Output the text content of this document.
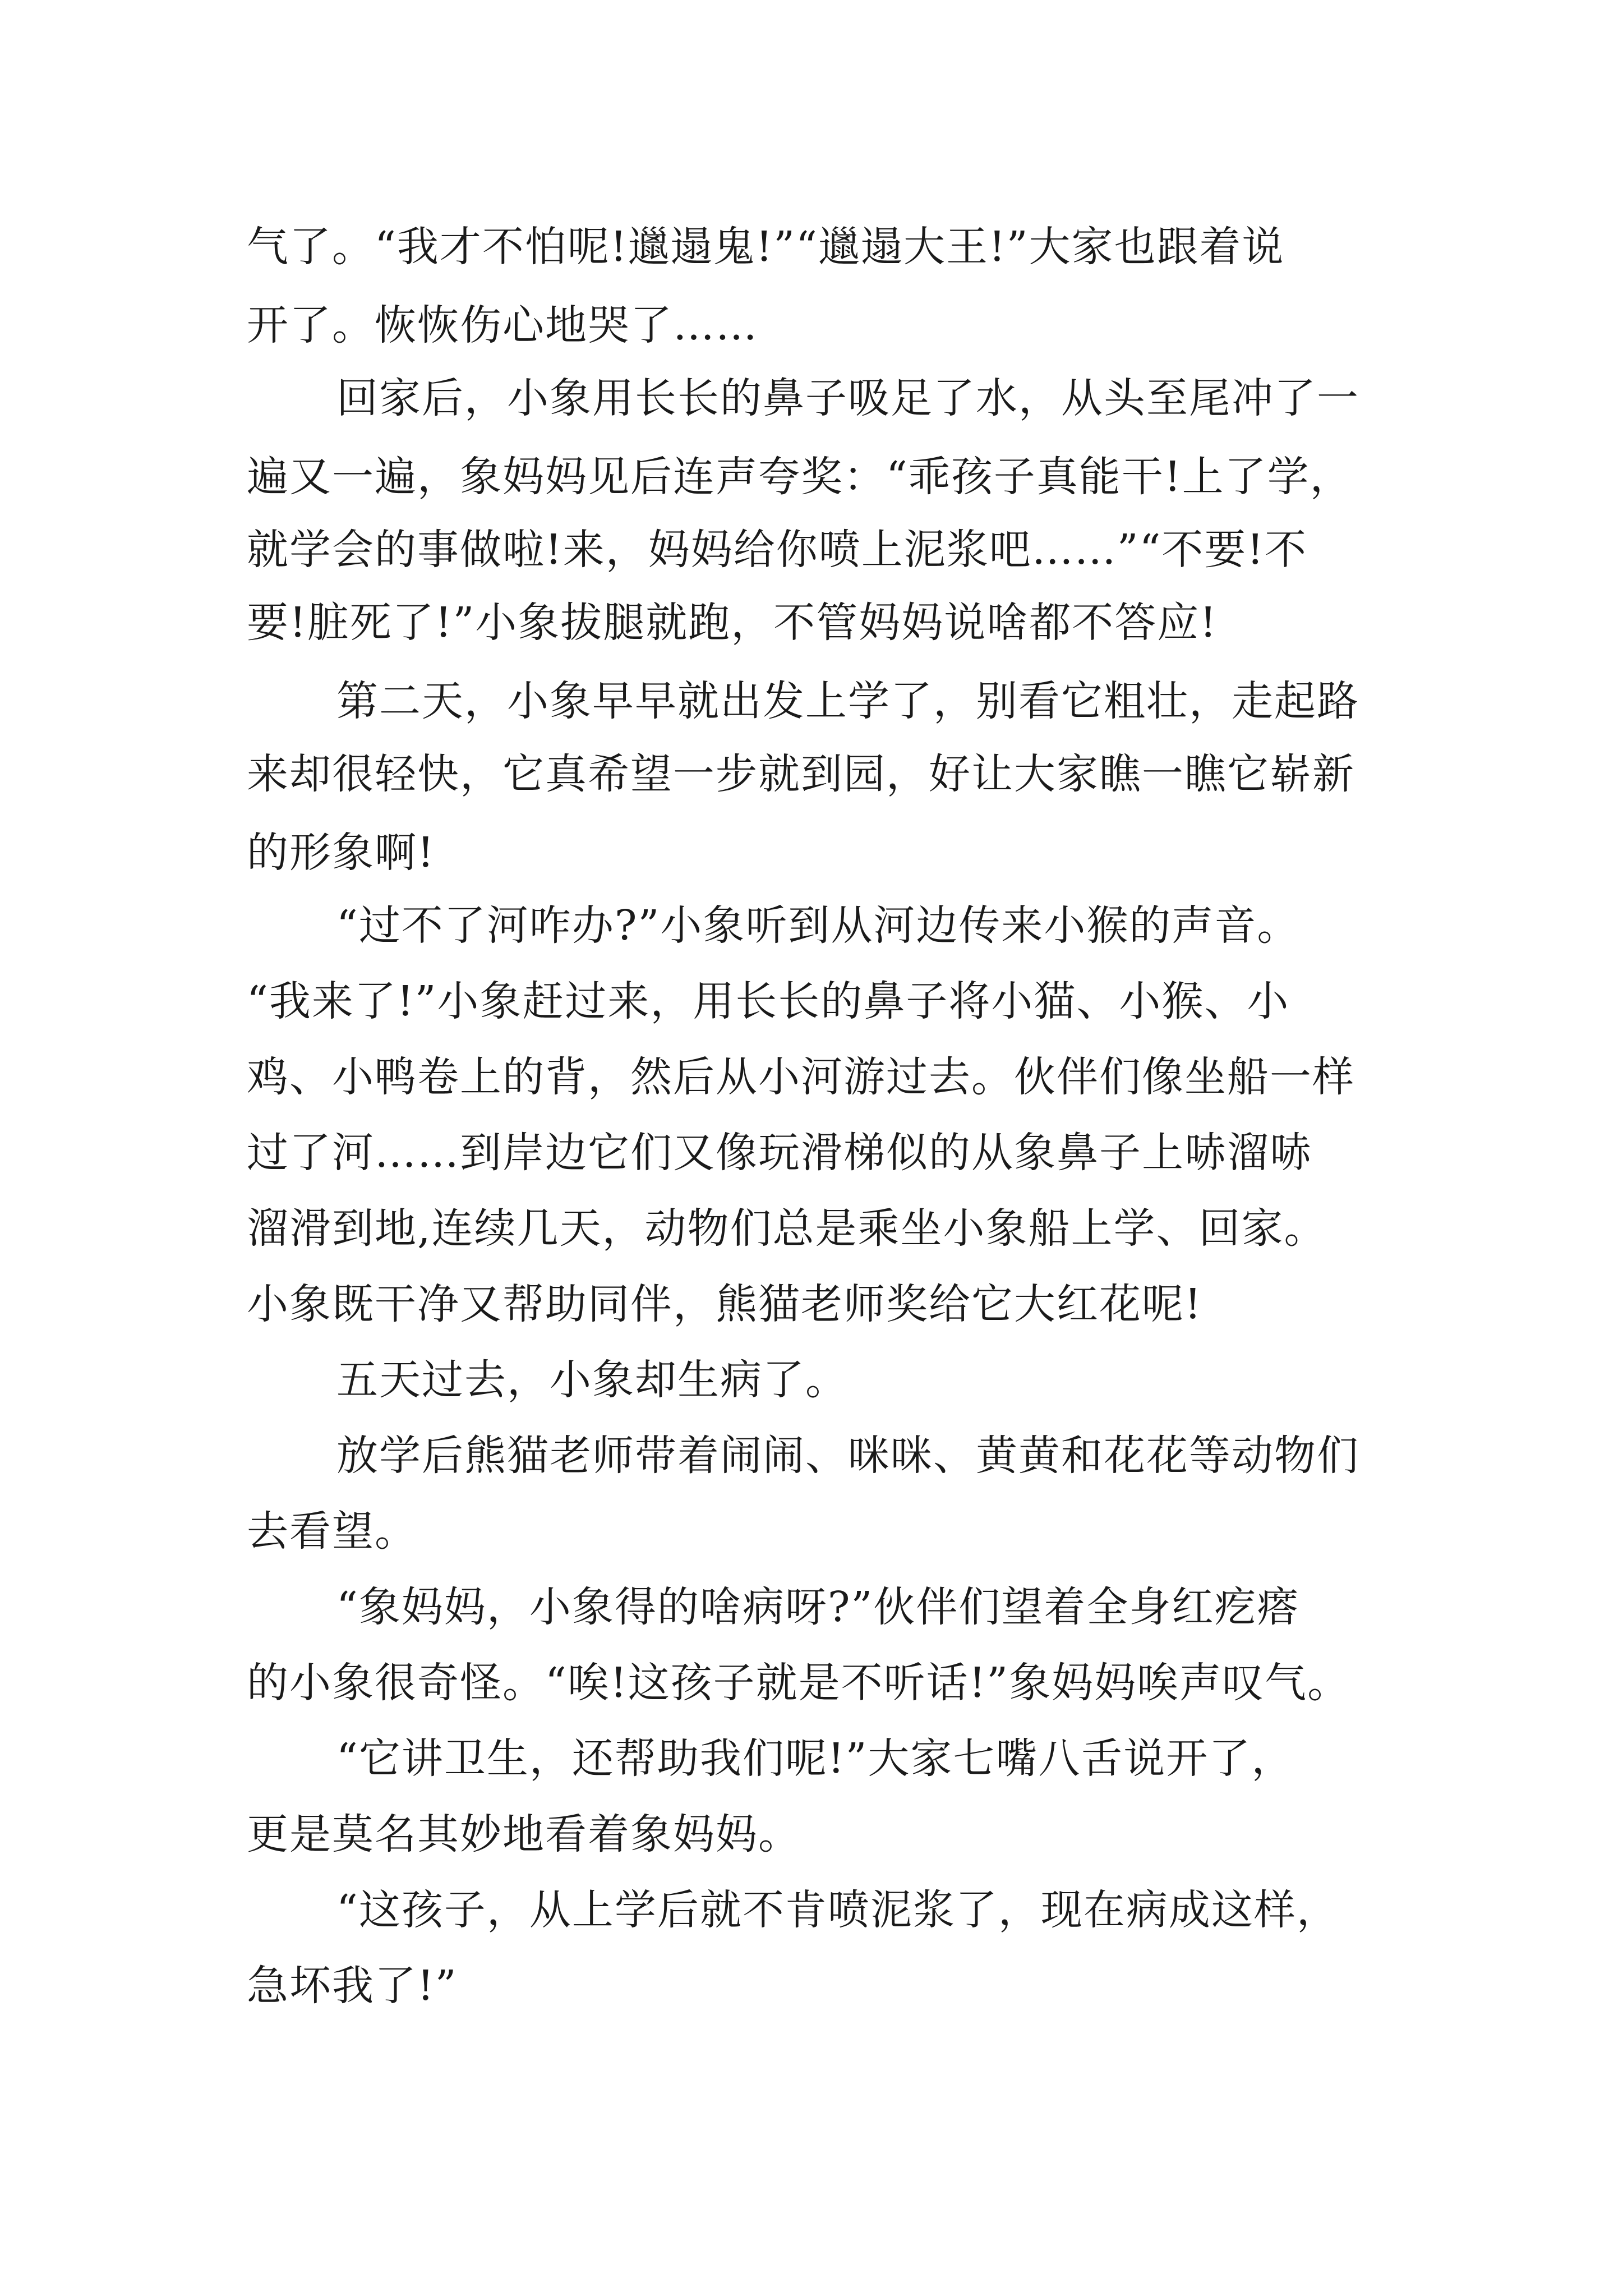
气了。“我才不怕呢!邋遢鬼!”“邋遢大王!”大家也跟着说
开了。恢恢伤心地哭了……
回家后，小象用长长的鼻子吸足了水，从头至尾冲了一
遍又一遍，象妈妈见后连声夸奖：“乖孩子真能干!上了学，
就学会的事做啦!来，妈妈给你喷上泥浆吧……”“不要!不
要!脏死了!”小象拔腿就跑，不管妈妈说啥都不答应!
第二天，小象早早就出发上学了，别看它粗壮，走起路
来却很轻快，它真希望一步就到园，好让大家瞧一瞧它崭新
的形象啊!
“过不了河咋办?”小象听到从河边传来小猴的声音。
“我来了!”小象赶过来，用长长的鼻子将小猫、小猴、小
鸡、小鸭卷上的背，然后从小河游过去。伙伴们像坐船一样
过了河……到岸边它们又像玩滑梯似的从象鼻子上哧溜哧
溜滑到地,连续几天，动物们总是乘坐小象船上学、回家。
小象既干净又帮助同伴，熊猫老师奖给它大红花呢!
五天过去，小象却生病了。
放学后熊猫老师带着闹闹、咪咪、黄黄和花花等动物们
去看望。
“象妈妈，小象得的啥病呀?”伙伴们望着全身红疙瘩
的小象很奇怪。“唉!这孩子就是不听话!”象妈妈唉声叹气。
“它讲卫生，还帮助我们呢!”大家七嘴八舌说开了，
更是莫名其妙地看着象妈妈。
“这孩子，从上学后就不肯喷泥浆了，现在病成这样，
急坏我了!”
